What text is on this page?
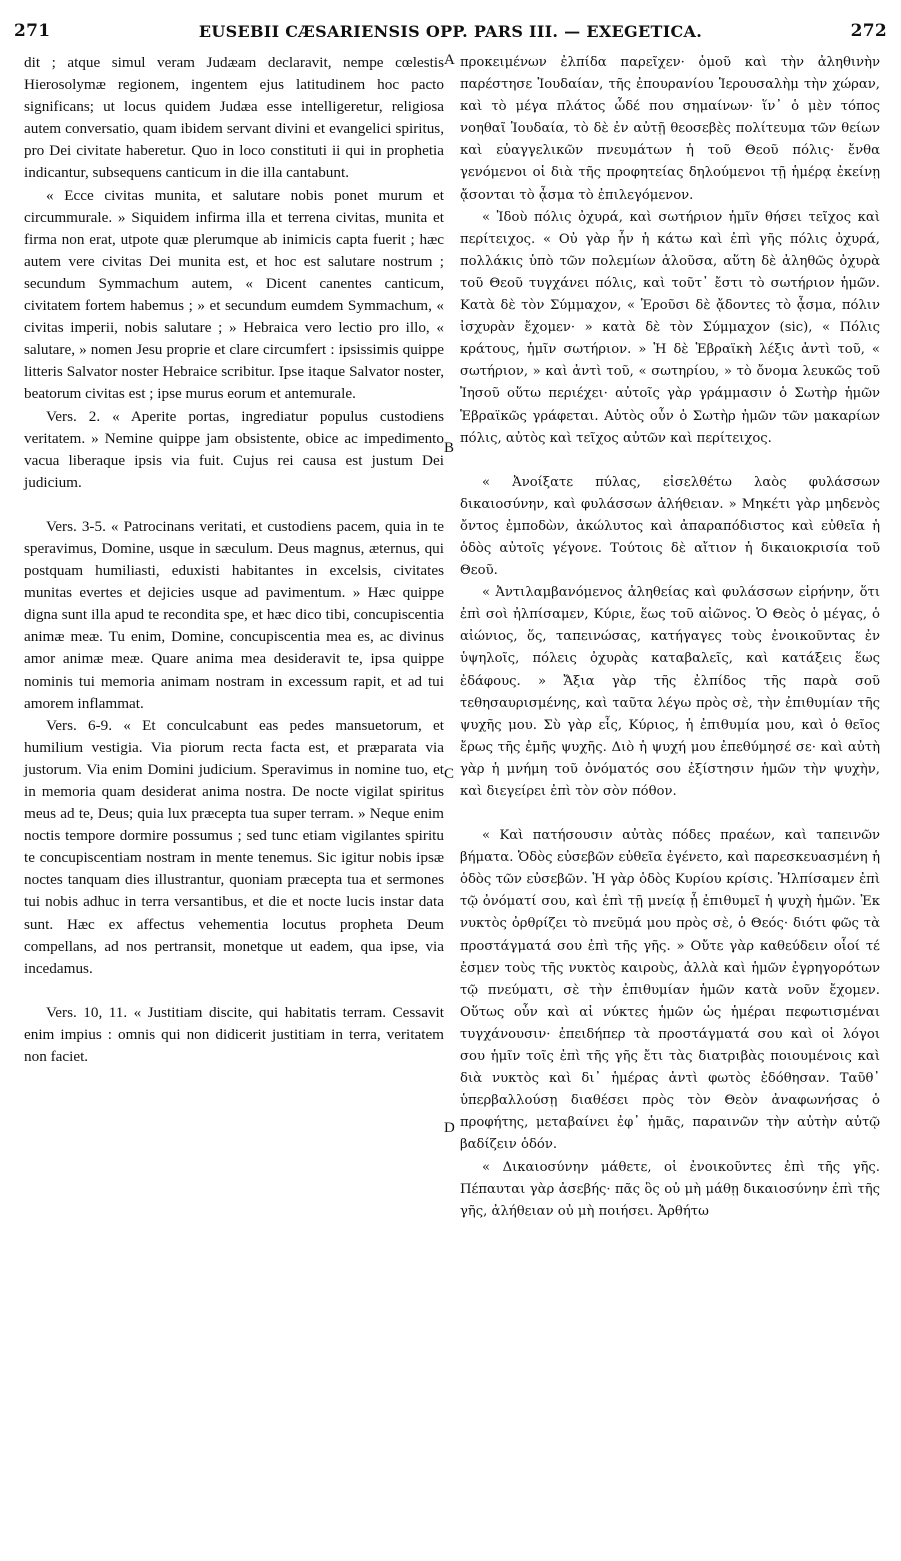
271	EUSEBII CÆSARIENSIS OPP. PARS III. — EXEGETICA.	272
A
B
C
D

dit ; atque simul veram Judæam declaravit, nempe cœlestis Hierosolymæ regionem, ingentem ejus latitudinem hoc pacto significans; ut locus quidem Judæa esse intelligeretur, religiosa autem conversatio, quam ibidem servant divini et evangelici spiritus, pro Dei civitate haberetur. Quo in loco constituti ii qui in prophetia indicantur, subsequens canticum in die illa cantabunt.

« Ecce civitas munita, et salutare nobis ponet murum et circummurale. » Siquidem infirma illa et terrena civitas, munita et firma non erat, utpote quæ plerumque ab inimicis capta fuerit ; hæc autem vere civitas Dei munita est, et hoc est salutare nostrum ; secundum Symmachum autem, « Dicent canentes canticum, civitatem fortem habemus ; » et secundum eumdem Symmachum, « civitas imperii, nobis salutare ; » Hebraica vero lectio pro illo, « salutare, » nomen Jesu proprie et clare circumfert : ipsissimis quippe litteris Salvator noster Hebraice scribitur. Ipse itaque Salvator noster, beatorum civitas est ; ipse murus eorum et antemurale.

Vers. 2. « Aperite portas, ingrediatur populus custodiens veritatem. » Nemine quippe jam obsistente, obice ac impedimento vacua liberaque ipsis via fuit. Cujus rei causa est justum Dei judicium.

Vers. 3-5. « Patrocinans veritati, et custodiens pacem, quia in te speravimus, Domine, usque in sæculum. Deus magnus, æternus, qui postquam humiliasti, eduxisti habitantes in excelsis, civitates munitas evertes et dejicies usque ad pavimentum. » Hæc quippe digna sunt illa apud te recondita spe, et hæc dico tibi, concupiscentia animæ meæ. Tu enim, Domine, concupiscentia mea es, ac divinus amor animæ meæ. Quare anima mea desideravit te, ipsa quippe nominis tui memoria animam nostram in excessum rapit, et ad tui amorem inflammat.

Vers. 6-9. « Et conculcabunt eas pedes mansuetorum, et humilium vestigia. Via piorum recta facta est, et præparata via justorum. Via enim Domini judicium. Speravimus in nomine tuo, et in memoria quam desiderat anima nostra. De nocte vigilat spiritus meus ad te, Deus; quia lux præcepta tua super terram. » Neque enim noctis tempore dormire possumus ; sed tunc etiam vigilantes spiritu te concupiscentiam nostram in mente tenemus. Sic igitur nobis ipsæ noctes tanquam dies illustrantur, quoniam præcepta tua et sermones tui nobis adhuc in terra versantibus, et die et nocte lucis instar data sunt. Hæc ex affectus vehementia locutus propheta Deum compellans, ad nos pertransit, monetque ut eadem, qua ipse, via incedamus.

Vers. 10, 11. « Justitiam discite, qui habitatis terram. Cessavit enim impius : omnis qui non didicerit justitiam in terra, veritatem non faciet.

προκειμένων ἐλπίδα παρεῖχεν· ὁμοῦ καὶ τὴν ἀληθινὴν παρέστησε Ἰουδαίαν, τῆς ἐπουρανίου Ἱερουσαλὴμ τὴν χώραν, καὶ τὸ μέγα πλάτος ὧδέ που σημαίνων· ἵν᾽ ὁ μὲν τόπος νοηθαῖ Ἰουδαία, τὸ δὲ ἐν αὐτῇ θεοσεβὲς πολίτευμα τῶν θείων καὶ εὐαγγελικῶν πνευμάτων ἡ τοῦ Θεοῦ πόλις· ἔνθα γενόμενοι οἱ διὰ τῆς προφητείας δηλούμενοι τῇ ἡμέρᾳ ἐκείνῃ ᾄσονται τὸ ᾆσμα τὸ ἐπιλεγόμενον.

« Ἰδοὺ πόλις ὀχυρά, καὶ σωτήριον ἡμῖν θήσει τεῖχος καὶ περίτειχος. « Οὐ γὰρ ἦν ἡ κάτω καὶ ἐπὶ γῆς πόλις ὀχυρά, πολλάκις ὑπὸ τῶν πολεμίων ἁλοῦσα, αὕτη δὲ ἀληθῶς ὀχυρὰ τοῦ Θεοῦ τυγχάνει πόλις, καὶ τοῦτ᾽ ἔστι τὸ σωτήριον ἡμῶν. Κατὰ δὲ τὸν Σύμμαχον, « Ἐροῦσι δὲ ᾄδοντες τὸ ᾆσμα, πόλιν ἰσχυρὰν ἔχομεν· » κατὰ δὲ τὸν Σύμμαχον (sic), « Πόλις κράτους, ἡμῖν σωτήριον. » Ἡ δὲ Ἑβραϊκὴ λέξις ἀντὶ τοῦ, « σωτήριον, » καὶ ἀντὶ τοῦ, « σωτηρίου, » τὸ ὄνομα λευκῶς τοῦ Ἰησοῦ οὕτω περιέχει· αὐτοῖς γὰρ γράμμασιν ὁ Σωτὴρ ἡμῶν Ἑβραϊκῶς γράφεται. Αὐτὸς οὖν ὁ Σωτὴρ ἡμῶν τῶν μακαρίων πόλις, αὐτὸς καὶ τεῖχος αὐτῶν καὶ περίτειχος.

« Ἀνοίξατε πύλας, εἰσελθέτω λαὸς φυλάσσων δικαιοσύνην, καὶ φυλάσσων ἀλήθειαν. » Μηκέτι γὰρ μηδενὸς ὄντος ἐμποδὼν, ἀκώλυτος καὶ ἀπαραπόδιστος καὶ εὐθεῖα ἡ ὁδὸς αὐτοῖς γέγονε. Τούτοις δὲ αἴτιον ἡ δικαιοκρισία τοῦ Θεοῦ.

« Ἀντιλαμβανόμενος ἀληθείας καὶ φυλάσσων εἰρήνην, ὅτι ἐπὶ σοὶ ἠλπίσαμεν, Κύριε, ἕως τοῦ αἰῶνος. Ὁ Θεὸς ὁ μέγας, ὁ αἰώνιος, ὅς, ταπεινώσας, κατήγαγες τοὺς ἐνοικοῦντας ἐν ὑψηλοῖς, πόλεις ὀχυρὰς καταβαλεῖς, καὶ κατάξεις ἕως ἐδάφους. » Ἄξια γὰρ τῆς ἐλπίδος τῆς παρὰ σοῦ τεθησαυρισμένης, καὶ ταῦτα λέγω πρὸς σὲ, τὴν ἐπιθυμίαν τῆς ψυχῆς μου. Σὺ γὰρ εἶς, Κύριος, ἡ ἐπιθυμία μου, καὶ ὁ θεῖος ἔρως τῆς ἐμῆς ψυχῆς. Διὸ ἡ ψυχή μου ἐπεθύμησέ σε· καὶ αὐτὴ γὰρ ἡ μνήμη τοῦ ὀνόματός σου ἐξίστησιν ἡμῶν τὴν ψυχὴν, καὶ διεγείρει ἐπὶ τὸν σὸν πόθον.

« Καὶ πατήσουσιν αὐτὰς πόδες πραέων, καὶ ταπεινῶν βήματα. Ὁδὸς εὐσεβῶν εὐθεῖα ἐγένετο, καὶ παρεσκευασμένη ἡ ὁδὸς τῶν εὐσεβῶν. Ἡ γὰρ ὁδὸς Κυρίου κρίσις. Ἠλπίσαμεν ἐπὶ τῷ ὀνόματί σου, καὶ ἐπὶ τῇ μνείᾳ ᾗ ἐπιθυμεῖ ἡ ψυχὴ ἡμῶν. Ἐκ νυκτὸς ὀρθρίζει τὸ πνεῦμά μου πρὸς σὲ, ὁ Θεός· διότι φῶς τὰ προστάγματά σου ἐπὶ τῆς γῆς. » Οὔτε γὰρ καθεύδειν οἷοί τέ ἐσμεν τοὺς τῆς νυκτὸς καιροὺς, ἀλλὰ καὶ ἡμῶν ἐγρηγορότων τῷ πνεύματι, σὲ τὴν ἐπιθυμίαν ἡμῶν κατὰ νοῦν ἔχομεν. Οὕτως οὖν καὶ αἱ νύκτες ἡμῶν ὡς ἡμέραι πεφωτισμέναι τυγχάνουσιν· ἐπειδήπερ τὰ προστάγματά σου καὶ οἱ λόγοι σου ἡμῖν τοῖς ἐπὶ τῆς γῆς ἔτι τὰς διατριβὰς ποιουμένοις καὶ διὰ νυκτὸς καὶ δι᾽ ἡμέρας ἀντὶ φωτὸς ἐδόθησαν. Ταῦθ᾽ ὑπερβαλλούσῃ διαθέσει πρὸς τὸν Θεὸν ἀναφωνήσας ὁ προφήτης, μεταβαίνει ἐφ᾽ ἡμᾶς, παραινῶν τὴν αὐτὴν αὐτῷ βαδίζειν ὁδόν.

« Δικαιοσύνην μάθετε, οἱ ἐνοικοῦντες ἐπὶ τῆς γῆς. Πέπαυται γὰρ ἀσεβής· πᾶς ὃς οὐ μὴ μάθῃ δικαιοσύνην ἐπὶ τῆς γῆς, ἀλήθειαν οὐ μὴ ποιήσει. Ἀρθήτω
